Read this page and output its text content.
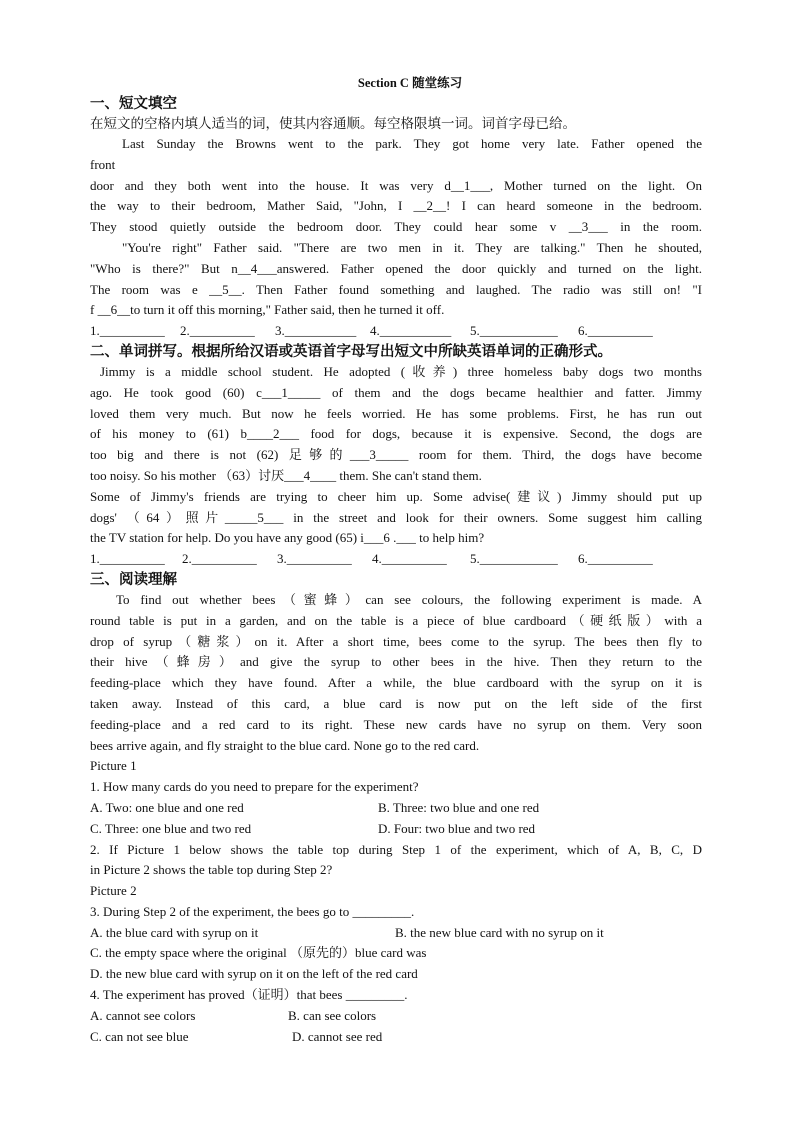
Section C 随堂练习
一、短文填空
在短文的空格内填人适当的词，使其内容通顺。每空格限填一词。词首字母已给。
Last Sunday the Browns went to the park. They got home very late. Father opened the
front
door and they both went into the house. It was very d__1___, Mother turned on the light. On
the way to their bedroom, Mather Said, "John, I __2__! I can heard someone in the bedroom.
They stood quietly outside the bedroom door. They could hear some v __3___ in the room.
"You're right" Father said. "There are two men in it. They are talking." Then he shouted,
"Who is there?" But n__4___answered. Father opened the door quickly and turned on the light.
The room was e __5__. Then Father found something and laughed. The radio was still on! "I
f __6__to turn it off this morning," Father said, then he turned it off.
1.__________	2.__________	3.___________	4.___________	5.____________	6.__________
二、单词拼写。根据所给汉语或英语首字母写出短文中所缺英语单词的正确形式。
Jimmy is a middle school student. He adopted (收养) three homeless baby dogs two months
ago. He took good (60) c___1_____ of them and the dogs became healthier and fatter. Jimmy
loved them very much. But now he feels worried. He has some problems. First, he has run out
of his money to (61) b____2___ food for dogs, because it is expensive. Second, the dogs are
too big and there is not (62) 足够的___3_____ room for them. Third, the dogs have become
too noisy. So his mother （63）讨厌___4____ them. She can't stand them.
Some of Jimmy's friends are trying to cheer him up. Some advise(建议) Jimmy should put up
dogs' （64）照片_____5___ in the street and look for their owners. Some suggest him calling
the TV station for help. Do you have any good (65) i___6 .___ to help him?
1.__________	2.__________	3.__________	4.__________	5.____________	6.__________
三、阅读理解
To find out whether bees（蜜蜂）can see colours, the following experiment is made. A
round table is put in a garden, and on the table is a piece of blue cardboard（硬纸版）with a
drop of syrup（糖浆）on it. After a short time, bees come to the syrup. The bees then fly to
their hive（蜂房）and give the syrup to other bees in the hive. Then they return to the
feeding-place which they have found. After a while, the blue cardboard with the syrup on it is
taken away. Instead of this card, a blue card is now put on the left side of the first
feeding-place and a red card to its right. These new cards have no syrup on them. Very soon
bees arrive again, and fly straight to the blue card. None go to the red card.
Picture 1
1. How many cards do you need to prepare for the experiment?
A. Two: one blue and one red	B. Three: two blue and one red
C. Three: one blue and two red	D. Four: two blue and two red
2. If Picture 1 below shows the table top during Step 1 of the experiment, which of A, B, C, D
in Picture 2 shows the table top during Step 2?
Picture 2
3. During Step 2 of the experiment, the bees go to _________.
A. the blue card with syrup on it	B. the new blue card with no syrup on it
C. the empty space where the original （原先的）blue card was
D. the new blue card with syrup on it on the left of the red card
4. The experiment has proved（证明）that bees _________.
A. cannot see colors	B. can see colors
C. can not see blue	D. cannot see red
